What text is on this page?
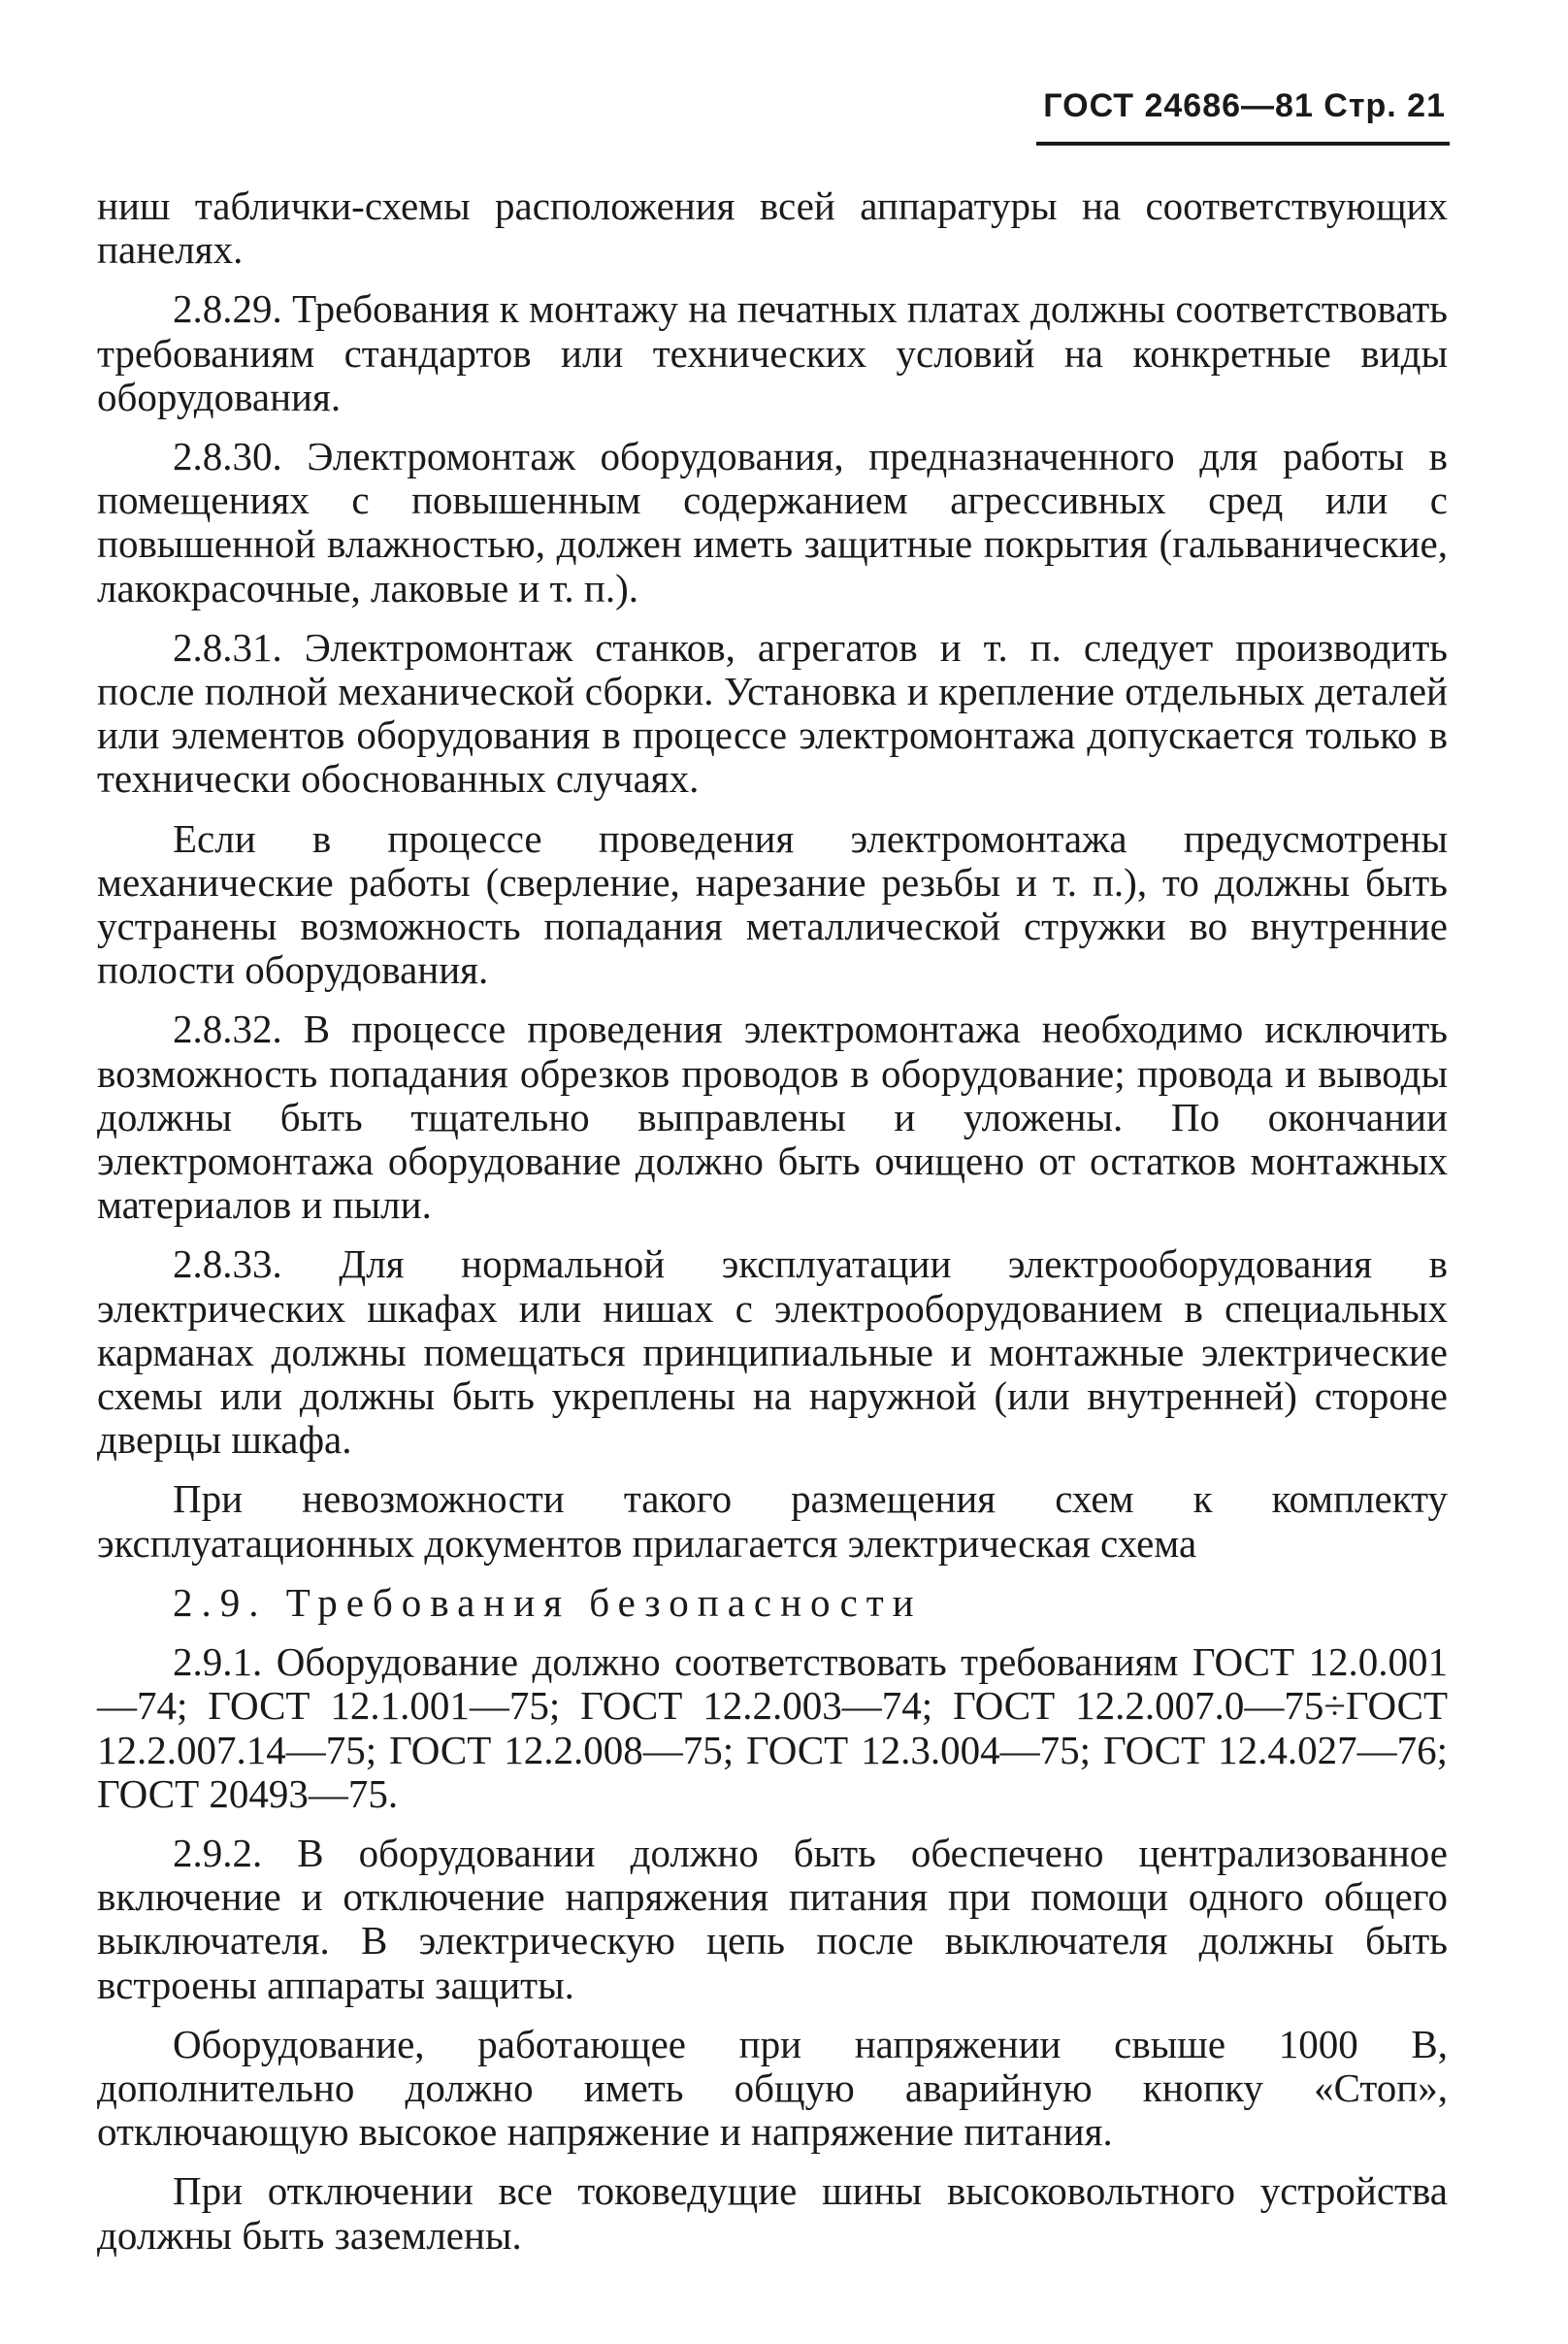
ГОСТ 24686—81 Стр. 21

ниш таблички-схемы расположения всей аппаратуры на соответствующих панелях.

2.8.29. Требования к монтажу на печатных платах должны соответствовать требованиям стандартов или технических условий на конкретные виды оборудования.

2.8.30. Электромонтаж оборудования, предназначенного для работы в помещениях с повышенным содержанием агрессивных сред или с повышенной влажностью, должен иметь защитные покрытия (гальванические, лакокрасочные, лаковые и т. п.).

2.8.31. Электромонтаж станков, агрегатов и т. п. следует производить после полной механической сборки. Установка и крепление отдельных деталей или элементов оборудования в процессе электромонтажа допускается только в технически обоснованных случаях.

Если в процессе проведения электромонтажа предусмотрены механические работы (сверление, нарезание резьбы и т. п.), то должны быть устранены возможность попадания металлической стружки во внутренние полости оборудования.

2.8.32. В процессе проведения электромонтажа необходимо исключить возможность попадания обрезков проводов в оборудование; провода и выводы должны быть тщательно выправлены и уложены. По окончании электромонтажа оборудование должно быть очищено от остатков монтажных материалов и пыли.

2.8.33. Для нормальной эксплуатации электрооборудования в электрических шкафах или нишах с электрооборудованием в специальных карманах должны помещаться принципиальные и монтажные электрические схемы или должны быть укреплены на наружной (или внутренней) стороне дверцы шкафа.

При невозможности такого размещения схем к комплекту эксплуатационных документов прилагается электрическая схема

2.9. Требования безопасности

2.9.1. Оборудование должно соответствовать требованиям ГОСТ 12.0.001—74; ГОСТ 12.1.001—75; ГОСТ 12.2.003—74; ГОСТ 12.2.007.0—75÷ГОСТ 12.2.007.14—75; ГОСТ 12.2.008—75; ГОСТ 12.3.004—75; ГОСТ 12.4.027—76; ГОСТ 20493—75.

2.9.2. В оборудовании должно быть обеспечено централизованное включение и отключение напряжения питания при помощи одного общего выключателя. В электрическую цепь после выключателя должны быть встроены аппараты защиты.

Оборудование, работающее при напряжении свыше 1000 В, дополнительно должно иметь общую аварийную кнопку «Стоп», отключающую высокое напряжение и напряжение питания.

При отключении все токоведущие шины высоковольтного устройства должны быть заземлены.
